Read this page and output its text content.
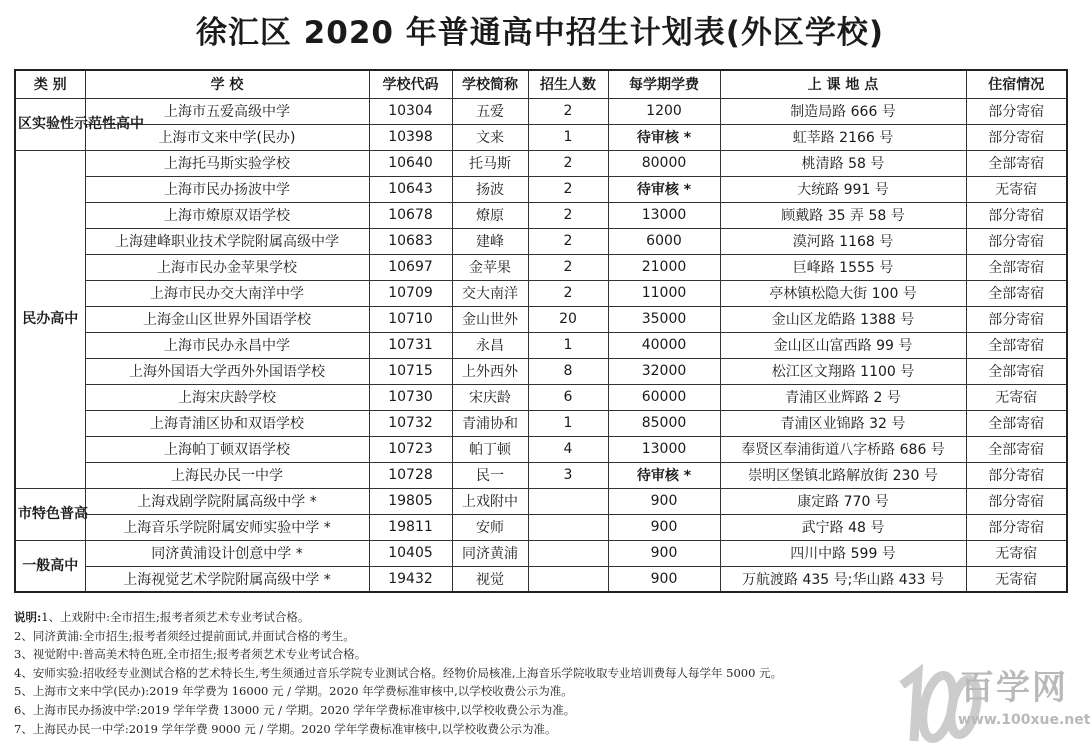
徐汇区 2020 年普通高中招生计划表(外区学校)
类 别	学 校	学校代码	学校简称	招生人数	每学期学费	上 课 地 点	住宿情况
区实验性示范性高中	上海市五爱高级中学	10304	五爱	2	1200	制造局路 666 号	部分寄宿
	上海市文来中学(民办)	10398	文来	1	待审核 *	虹莘路 2166 号	部分寄宿
民办高中	上海托马斯实验学校	10640	托马斯	2	80000	桃清路 58 号	全部寄宿
	上海市民办扬波中学	10643	扬波	2	待审核 *	大统路 991 号	无寄宿
	上海市燎原双语学校	10678	燎原	2	13000	顾戴路 35 弄 58 号	部分寄宿
	上海建峰职业技术学院附属高级中学	10683	建峰	2	6000	漠河路 1168 号	部分寄宿
	上海市民办金苹果学校	10697	金苹果	2	21000	巨峰路 1555 号	全部寄宿
	上海市民办交大南洋中学	10709	交大南洋	2	11000	亭林镇松隐大街 100 号	全部寄宿
	上海金山区世界外国语学校	10710	金山世外	20	35000	金山区龙皓路 1388 号	部分寄宿
	上海市民办永昌中学	10731	永昌	1	40000	金山区山富西路 99 号	全部寄宿
	上海外国语大学西外外国语学校	10715	上外西外	8	32000	松江区文翔路 1100 号	全部寄宿
	上海宋庆龄学校	10730	宋庆龄	6	60000	青浦区业辉路 2 号	无寄宿
	上海青浦区协和双语学校	10732	青浦协和	1	85000	青浦区业锦路 32 号	全部寄宿
	上海帕丁顿双语学校	10723	帕丁顿	4	13000	奉贤区奉浦街道八字桥路 686 号	全部寄宿
	上海民办民一中学	10728	民一	3	待审核 *	崇明区堡镇北路解放街 230 号	部分寄宿
市特色普高	上海戏剧学院附属高级中学 *	19805	上戏附中		900	康定路 770 号	部分寄宿
	上海音乐学院附属安师实验中学 *	19811	安师		900	武宁路 48 号	部分寄宿
一般高中	同济黄浦设计创意中学 *	10405	同济黄浦		900	四川中路 599 号	无寄宿
	上海视觉艺术学院附属高级中学 *	19432	视觉		900	万航渡路 435 号;华山路 433 号	无寄宿
说明:1、上戏附中:全市招生;报考者须艺术专业考试合格。
2、同济黄浦:全市招生;报考者须经过提前面试,并面试合格的考生。
3、视觉附中:普高美术特色班,全市招生;报考者须艺术专业考试合格。
4、安师实验:招收经专业测试合格的艺术特长生,考生须通过音乐学院专业测试合格。经物价局核准,上海音乐学院收取专业培训费每人每学年 5000 元。
5、上海市文来中学(民办):2019 年学费为 16000 元 / 学期。2020 年学费标准审核中,以学校收费公示为准。
6、上海市民办扬波中学:2019 学年学费 13000 元 / 学期。2020 学年学费标准审核中,以学校收费公示为准。
7、上海民办民一中学:2019 学年学费 9000 元 / 学期。2020 学年学费标准审核中,以学校收费公示为准。
百学网
www.100xue.net
